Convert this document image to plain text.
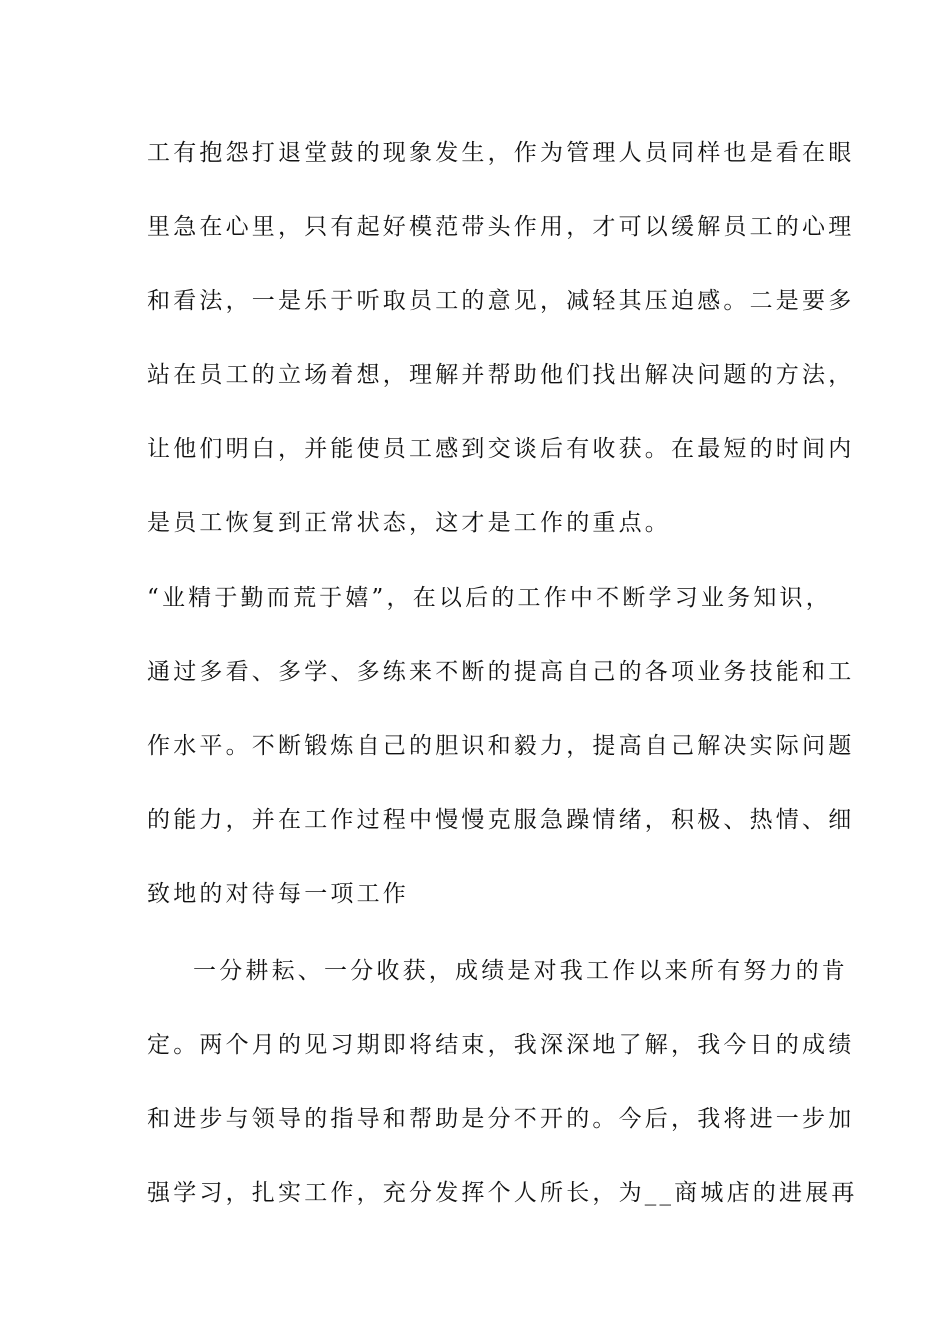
工有抱怨打退堂鼓的现象发生，作为管理人员同样也是看在眼
里急在心里，只有起好模范带头作用，才可以缓解员工的心理
和看法，一是乐于听取员工的意见，减轻其压迫感。二是要多
站在员工的立场着想，理解并帮助他们找出解决问题的方法，
让他们明白，并能使员工感到交谈后有收获。在最短的时间内
是员工恢复到正常状态，这才是工作的重点。
“业精于勤而荒于嬉”，在以后的工作中不断学习业务知识，
通过多看、多学、多练来不断的提高自己的各项业务技能和工
作水平。不断锻炼自己的胆识和毅力，提高自己解决实际问题
的能力，并在工作过程中慢慢克服急躁情绪，积极、热情、细
致地的对待每一项工作
一分耕耘、一分收获，成绩是对我工作以来所有努力的肯
定。两个月的见习期即将结束，我深深地了解，我今日的成绩
和进步与领导的指导和帮助是分不开的。今后，我将进一步加
强学习，扎实工作，充分发挥个人所长，为__商城店的进展再
